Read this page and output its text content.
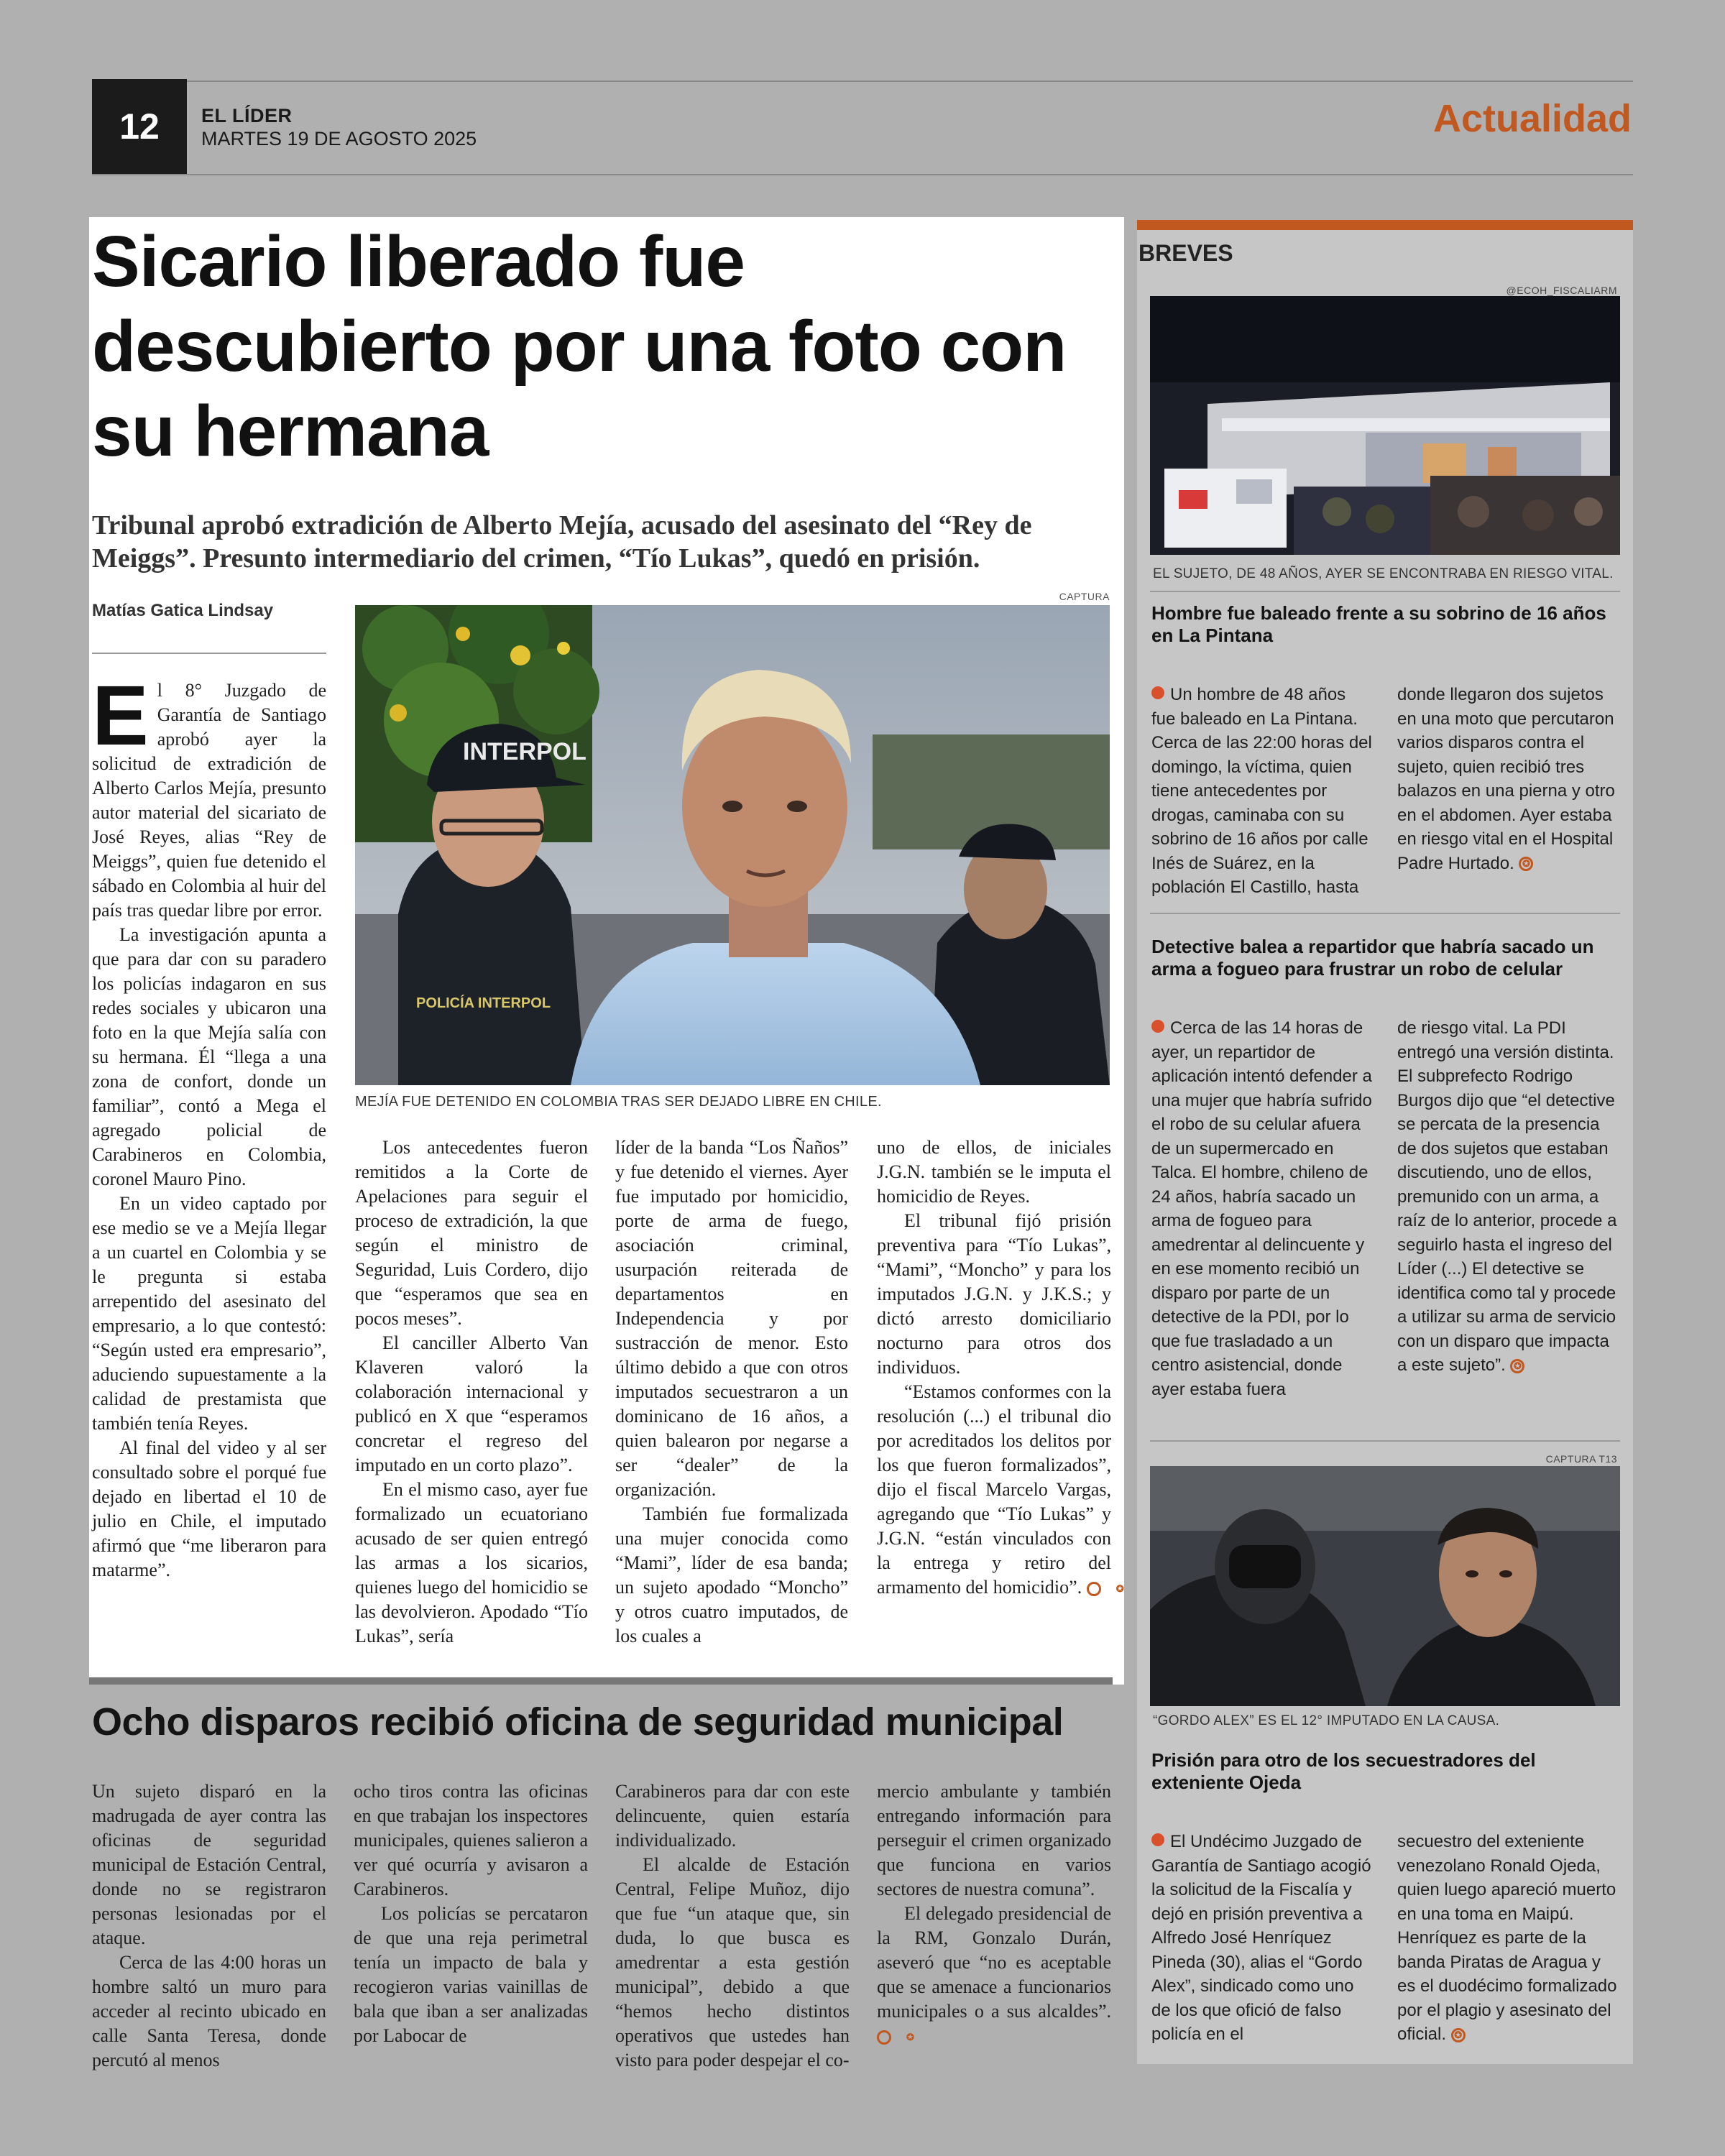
12	EL LÍDER
MARTES 19 DE AGOSTO 2025	Actualidad
Sicario liberado fue descubierto por una foto con su hermana
Tribunal aprobó extradición de Alberto Mejía, acusado del asesinato del “Rey de Meiggs”. Presunto intermediario del crimen, “Tío Lukas”, quedó en prisión.
Matías Gatica Lindsay
CAPTURA
INTERPOL
POLICÍA INTERPOL
MEJÍA FUE DETENIDO EN COLOMBIA TRAS SER DEJADO LIBRE EN CHILE.

El 8° Juzgado de Garantía de Santiago aprobó ayer la solicitud de extradición de Alberto Carlos Mejía, presunto autor material del sicariato de José Reyes, alias “Rey de Meiggs”, quien fue detenido el sábado en Colombia al huir del país tras quedar libre por error.

La investigación apunta a que para dar con su paradero los policías indagaron en sus redes sociales y ubicaron una foto en la que Mejía salía con su hermana. Él “llega a una zona de confort, donde un familiar”, contó a Mega el agregado policial de Carabineros en Colombia, coronel Mauro Pino.

En un video captado por ese medio se ve a Mejía llegar a un cuartel en Colombia y se le pregunta si estaba arrepentido del asesinato del empresario, a lo que contestó: “Según usted era empresario”, aduciendo supuestamente a la calidad de prestamista que también tenía Reyes.

Al final del video y al ser consultado sobre el porqué fue dejado en libertad el 10 de julio en Chile, el imputado afirmó que “me liberaron para matarme”.

Los antecedentes fueron remitidos a la Corte de Apelaciones para seguir el proceso de extradición, la que según el ministro de Seguridad, Luis Cordero, dijo que “esperamos que sea en pocos meses”.

El canciller Alberto Van Klaveren valoró la colaboración internacional y publicó en X que “esperamos concretar el regreso del imputado en un corto plazo”.

En el mismo caso, ayer fue formalizado un ecuatoriano acusado de ser quien entregó las armas a los sicarios, quienes luego del homicidio se las devolvieron. Apodado “Tío Lukas”, sería

líder de la banda “Los Ñaños” y fue detenido el viernes. Ayer fue imputado por homicidio, porte de arma de fuego, asociación criminal, usurpación reiterada de departamentos en Independencia y por sustracción de menor. Esto último debido a que con otros imputados secuestraron a un dominicano de 16 años, a quien balearon por negarse a ser “dealer” de la organización.

También fue formalizada una mujer conocida como “Mami”, líder de esa banda; un sujeto apodado “Moncho” y otros cuatro imputados, de los cuales a

uno de ellos, de iniciales J.G.N. también se le imputa el homicidio de Reyes.

El tribunal fijó prisión preventiva para “Tío Lukas”, “Mami”, “Moncho” y para los imputados J.G.N. y J.K.S.; y dictó arresto domiciliario nocturno para otros dos individuos.

“Estamos conformes con la resolución (...) el tribunal dio por acreditados los delitos por los que fueron formalizados”, dijo el fiscal Marcelo Vargas, agregando que “Tío Lukas” y J.G.N. “están vinculados con la entrega y retiro del armamento del homicidio”.	✪

Ocho disparos recibió oficina de seguridad municipal

Un sujeto disparó en la madrugada de ayer contra las oficinas de seguridad municipal de Estación Central, donde no se registraron personas lesionadas por el ataque.

Cerca de las 4:00 horas un hombre saltó un muro para acceder al recinto ubicado en calle Santa Teresa, donde percutó al menos

ocho tiros contra las oficinas en que trabajan los inspectores municipales, quienes salieron a ver qué ocurría y avisaron a Carabineros.

Los policías se percataron de que una reja perimetral tenía un impacto de bala y recogieron varias vainillas de bala que iban a ser analizadas por Labocar de

Carabineros para dar con este delincuente, quien estaría individualizado.

El alcalde de Estación Central, Felipe Muñoz, dijo que fue “un ataque que, sin duda, lo que busca es amedrentar a esta gestión municipal”, debido a que “hemos hecho distintos operativos que ustedes han visto para poder despejar el co-

mercio ambulante y también entregando información para perseguir el crimen organizado que funciona en varios sectores de nuestra comuna”.

El delegado presidencial de la RM, Gonzalo Durán, aseveró que “no es aceptable que se amenace a funcionarios municipales o a sus alcaldes”. ✪

BREVES
@ECOH_FISCALIARM
EL SUJETO, DE 48 AÑOS, AYER SE ENCONTRABA EN RIESGO VITAL.
Hombre fue baleado frente a su sobrino de 16 años en La Pintana
Un hombre de 48 años fue baleado en La Pintana. Cerca de las 22:00 horas del domingo, la víctima, quien tiene antecedentes por drogas, caminaba con su sobrino de 16 años por calle Inés de Suárez, en la población El Castillo, hasta
donde llegaron dos sujetos en una moto que percutaron varios disparos contra el sujeto, quien recibió tres balazos en una pierna y otro en el abdomen. Ayer estaba en riesgo vital en el Hospital Padre Hurtado. ✪
Detective balea a repartidor que habría sacado un arma a fogueo para frustrar un robo de celular
Cerca de las 14 horas de ayer, un repartidor de aplicación intentó defender a una mujer que habría sufrido el robo de su celular afuera de un supermercado en Talca. El hombre, chileno de 24 años, habría sacado un arma de fogueo para amedrentar al delincuente y en ese momento recibió un disparo por parte de un detective de la PDI, por lo que fue trasladado a un centro asistencial, donde ayer estaba fuera
de riesgo vital. La PDI entregó una versión distinta. El subprefecto Rodrigo Burgos dijo que “el detective se percata de la presencia de dos sujetos que estaban discutiendo, uno de ellos, premunido con un arma, a raíz de lo anterior, procede a seguirlo hasta el ingreso del Líder (...) El detective se identifica como tal y procede a utilizar su arma de servicio con un disparo que impacta a este sujeto”. ✪
CAPTURA T13
“GORDO ALEX” ES EL 12° IMPUTADO EN LA CAUSA.
Prisión para otro de los secuestradores del exteniente Ojeda
El Undécimo Juzgado de Garantía de Santiago acogió la solicitud de la Fiscalía y dejó en prisión preventiva a Alfredo José Henríquez Pineda (30), alias el “Gordo Alex”, sindicado como uno de los que ofició de falso policía en el
secuestro del exteniente venezolano Ronald Ojeda, quien luego apareció muerto en una toma en Maipú. Henríquez es parte de la banda Piratas de Aragua y es el duodécimo formalizado por el plagio y asesinato del oficial. ✪
